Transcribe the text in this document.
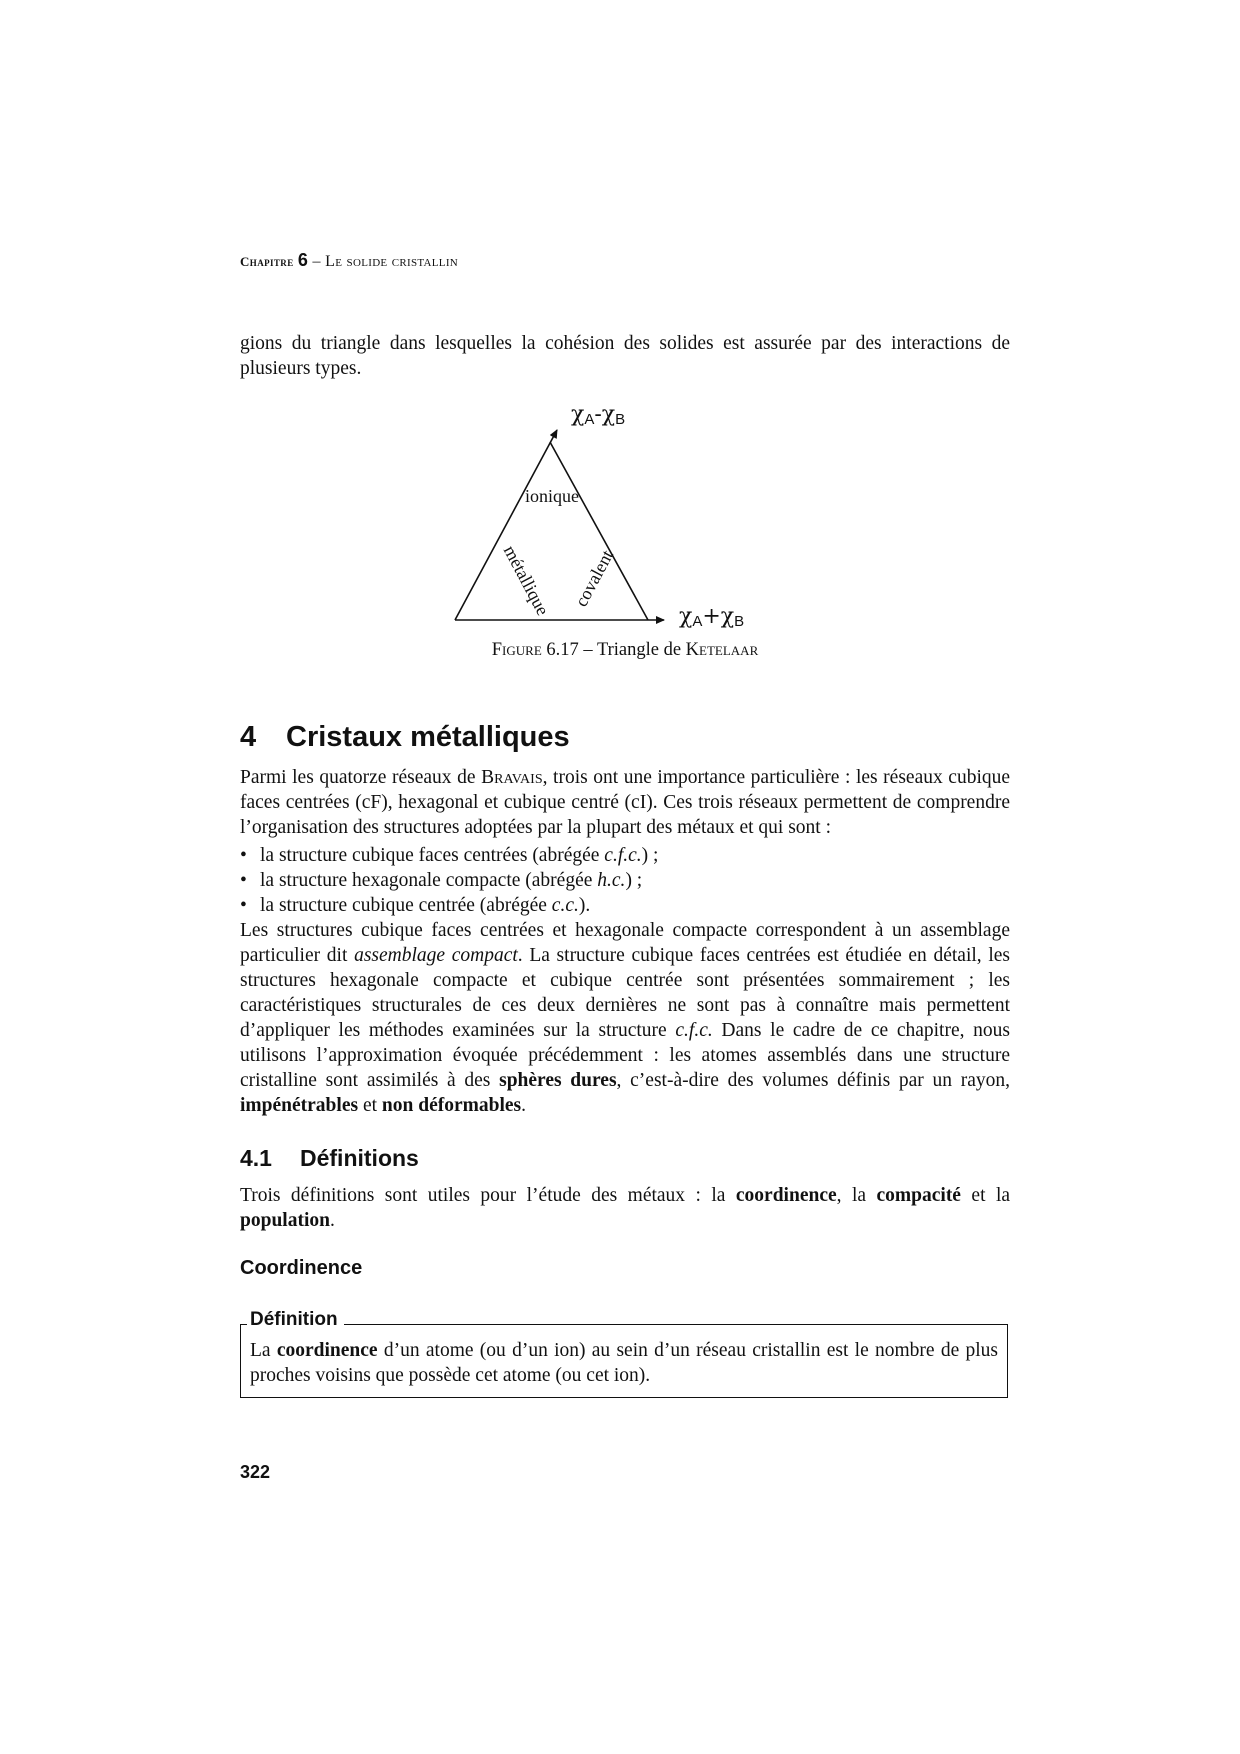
Chapitre 6 – Le solide cristallin
gions du triangle dans lesquelles la cohésion des solides est assurée par des interactions de
plusieurs types.
$\chi_A-\chi_B$
$\chi_A+\chi_B$
ionique
métallique covalent
Figure 6.17 – Triangle de Ketelaar
4 Cristaux métalliques
Parmi les quatorze réseaux de Bravais, trois ont une importance particulière : les réseaux cubique faces centrées (cF), hexagonal et cubique centré (cI). Ces trois réseaux permettent de comprendre l’organisation des structures adoptées par la plupart des métaux et qui sont :
• la structure cubique faces centrées (abrégée c.f.c.) ;
• la structure hexagonale compacte (abrégée h.c.) ;
• la structure cubique centrée (abrégée c.c.).
Les structures cubique faces centrées et hexagonale compacte correspondent à un assemblage particulier dit assemblage compact. La structure cubique faces centrées est étudiée en détail, les structures hexagonale compacte et cubique centrée sont présentées sommairement ; les caractéristiques structurales de ces deux dernières ne sont pas à connaître mais permettent d’appliquer les méthodes examinées sur la structure c.f.c. Dans le cadre de ce chapitre, nous utilisons l’approximation évoquée précédemment : les atomes assemblés dans une structure cristalline sont assimilés à des sphères dures, c’est-à-dire des volumes définis par un rayon, impénétrables et non déformables.
4.1 Définitions
Trois définitions sont utiles pour l’étude des métaux : la coordinence, la compacité et la population.
Coordinence
Définition
La coordinence d’un atome (ou d’un ion) au sein d’un réseau cristallin est le nombre de plus proches voisins que possède cet atome (ou cet ion).
322
